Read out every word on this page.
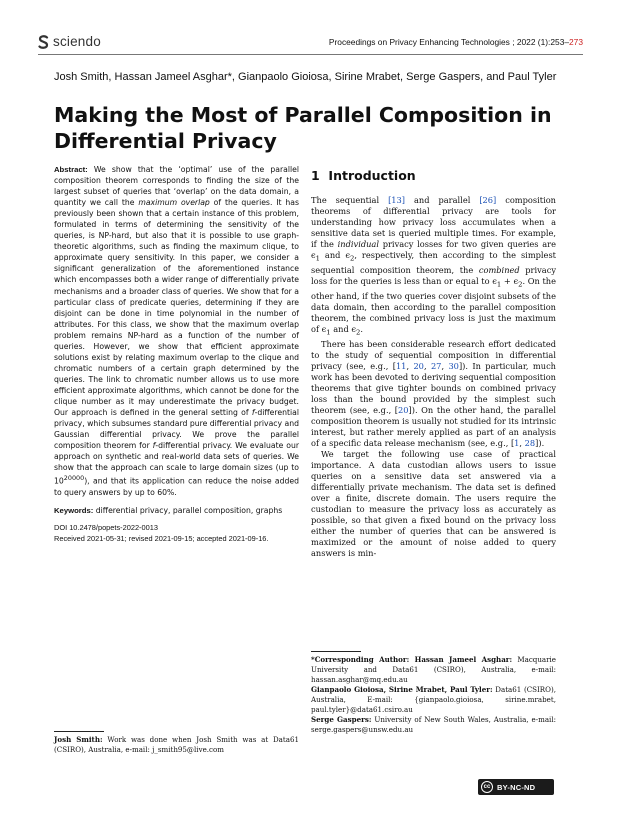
sciendo	Proceedings on Privacy Enhancing Technologies ; 2022 (1):253–273
Josh Smith, Hassan Jameel Asghar*, Gianpaolo Gioiosa, Sirine Mrabet, Serge Gaspers, and Paul Tyler
Making the Most of Parallel Composition in Differential Privacy

Abstract: We show that the ‘optimal’ use of the parallel composition theorem corresponds to finding the size of the largest subset of queries that ‘overlap’ on the data domain, a quantity we call the maximum overlap of the queries. It has previously been shown that a certain instance of this problem, formulated in terms of determining the sensitivity of the queries, is NP-hard, but also that it is possible to use graph-theoretic algorithms, such as finding the maximum clique, to approximate query sensitivity. In this paper, we consider a significant generalization of the aforementioned instance which encompasses both a wider range of differentially private mechanisms and a broader class of queries. We show that for a particular class of predicate queries, determining if they are disjoint can be done in time polynomial in the number of attributes. For this class, we show that the maximum overlap problem remains NP-hard as a function of the number of queries. However, we show that efficient approximate solutions exist by relating maximum overlap to the clique and chromatic numbers of a certain graph determined by the queries. The link to chromatic number allows us to use more efficient approximate algorithms, which cannot be done for the clique number as it may underestimate the privacy budget. Our approach is defined in the general setting of f-differential privacy, which subsumes standard pure differential privacy and Gaussian differential privacy. We prove the parallel composition theorem for f-differential privacy. We evaluate our approach on synthetic and real-world data sets of queries. We show that the approach can scale to large domain sizes (up to $10^{20000}$), and that its application can reduce the noise added to query answers by up to 60%.

Keywords: differential privacy, parallel composition, graphs

DOI 10.2478/popets-2022-0013
Received 2021-05-31; revised 2021-09-15; accepted 2021-09-16.
1 Introduction

The sequential [13] and parallel [26] composition theorems of differential privacy are tools for understanding how privacy loss accumulates when a sensitive data set is queried multiple times. For example, if the individual privacy losses for two given queries are $\epsilon_1$ and $\epsilon_2$, respectively, then according to the simplest sequential composition theorem, the combined privacy loss for the queries is less than or equal to $\epsilon_1 + \epsilon_2$. On the other hand, if the two queries cover disjoint subsets of the data domain, then according to the parallel composition theorem, the combined privacy loss is just the maximum of $\epsilon_1$ and $\epsilon_2$.

There has been considerable research effort dedicated to the study of sequential composition in differential privacy (see, e.g., [11, 20, 27, 30]). In particular, much work has been devoted to deriving sequential composition theorems that give tighter bounds on combined privacy loss than the bound provided by the simplest such theorem (see, e.g., [20]). On the other hand, the parallel composition theorem is usually not studied for its intrinsic interest, but rather merely applied as part of an analysis of a specific data release mechanism (see, e.g., [1, 28]).

We target the following use case of practical importance. A data custodian allows users to issue queries on a sensitive data set answered via a differentially private mechanism. The data set is defined over a finite, discrete domain. The users require the custodian to measure the privacy loss as accurately as possible, so that given a fixed bound on the privacy loss either the number of queries that can be answered is maximized or the amount of noise added to query answers is min-

Josh Smith: Work was done when Josh Smith was at Data61 (CSIRO), Australia, e-mail: j_smith95@live.com

*Corresponding Author: Hassan Jameel Asghar: Macquarie University and Data61 (CSIRO), Australia, e-mail: hassan.asghar@mq.edu.au

Gianpaolo Gioiosa, Sirine Mrabet, Paul Tyler: Data61 (CSIRO), Australia, E-mail: {gianpaolo.gioiosa, sirine.mrabet, paul.tyler}@data61.csiro.au

Serge Gaspers: University of New South Wales, Australia, e-mail: serge.gaspers@unsw.edu.au

cc BY-NC-ND
